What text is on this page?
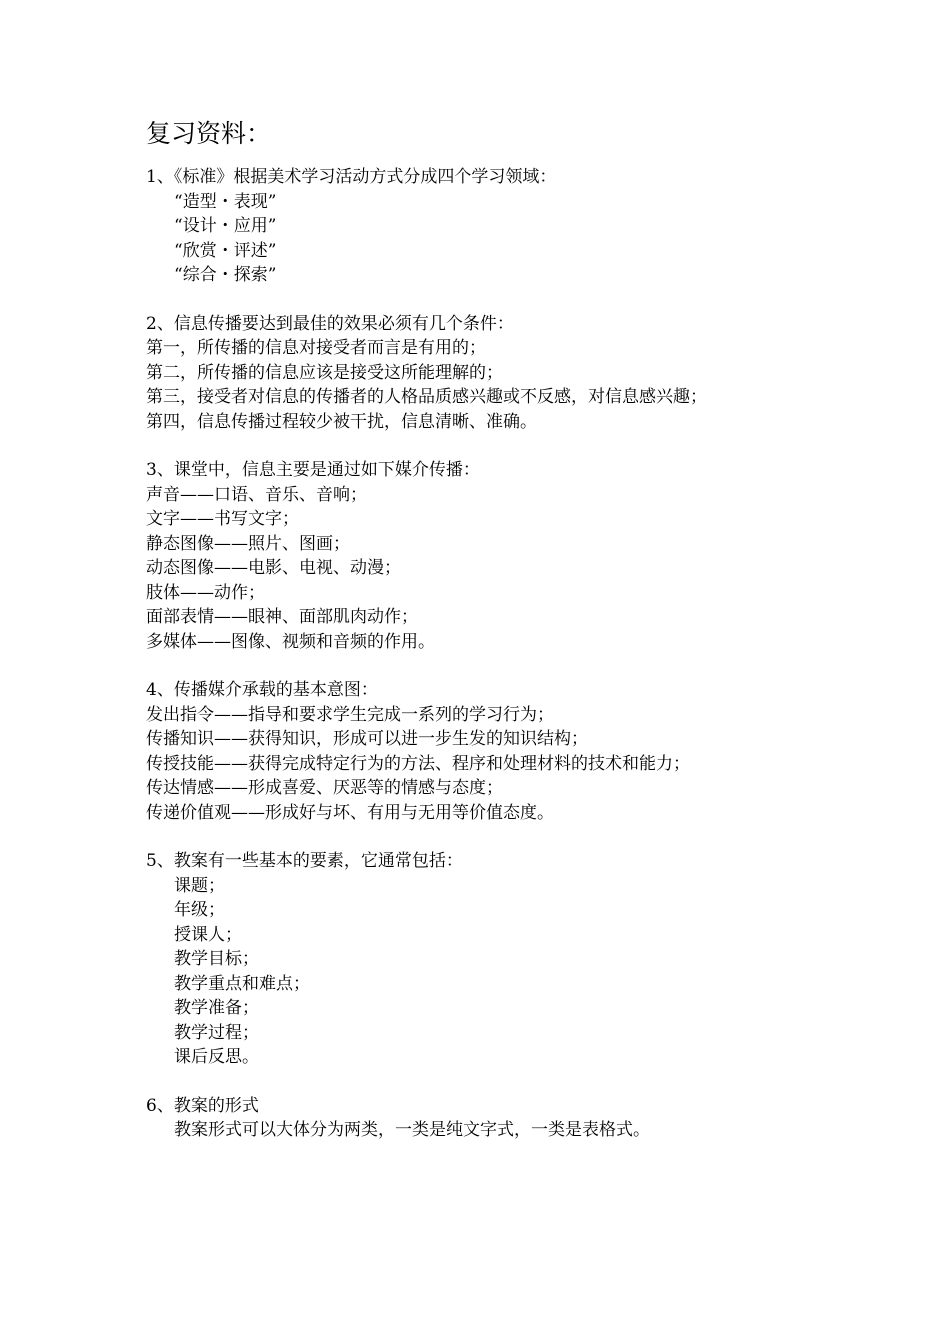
复习资料：
1、《标准》根据美术学习活动方式分成四个学习领域：
“造型・表现”
“设计・应用”
“欣赏・评述”
“综合・探索”
2、信息传播要达到最佳的效果必须有几个条件：
第一，所传播的信息对接受者而言是有用的；
第二，所传播的信息应该是接受这所能理解的；
第三，接受者对信息的传播者的人格品质感兴趣或不反感，对信息感兴趣；
第四，信息传播过程较少被干扰，信息清晰、准确。
3、课堂中，信息主要是通过如下媒介传播：
声音——口语、音乐、音响；
文字——书写文字；
静态图像——照片、图画；
动态图像——电影、电视、动漫；
肢体——动作；
面部表情——眼神、面部肌肉动作；
多媒体——图像、视频和音频的作用。
4、传播媒介承载的基本意图：
发出指令——指导和要求学生完成一系列的学习行为；
传播知识——获得知识，形成可以进一步生发的知识结构；
传授技能——获得完成特定行为的方法、程序和处理材料的技术和能力；
传达情感——形成喜爱、厌恶等的情感与态度；
传递价值观——形成好与坏、有用与无用等价值态度。
5、教案有一些基本的要素，它通常包括：
课题；
年级；
授课人；
教学目标；
教学重点和难点；
教学准备；
教学过程；
课后反思。
6、教案的形式
教案形式可以大体分为两类，一类是纯文字式，一类是表格式。
